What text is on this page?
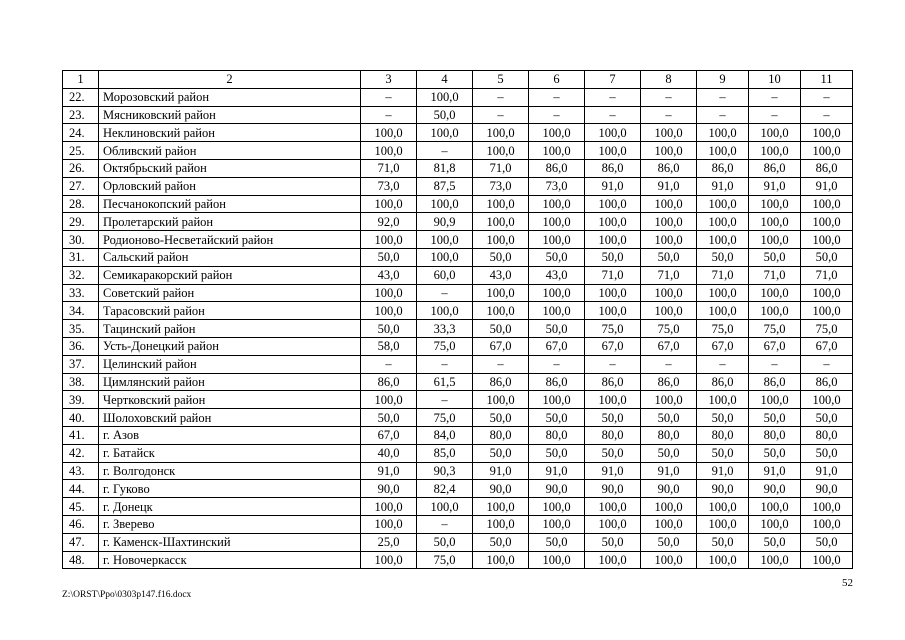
1	2	3	4	5	6	7	8	9	10	11
22.	Морозовский район	–	100,0	–	–	–	–	–	–	–
23.	Мясниковский район	–	50,0	–	–	–	–	–	–	–
24.	Неклиновский район	100,0	100,0	100,0	100,0	100,0	100,0	100,0	100,0	100,0
25.	Обливский район	100,0	–	100,0	100,0	100,0	100,0	100,0	100,0	100,0
26.	Октябрьский район	71,0	81,8	71,0	86,0	86,0	86,0	86,0	86,0	86,0
27.	Орловский район	73,0	87,5	73,0	73,0	91,0	91,0	91,0	91,0	91,0
28.	Песчанокопский район	100,0	100,0	100,0	100,0	100,0	100,0	100,0	100,0	100,0
29.	Пролетарский район	92,0	90,9	100,0	100,0	100,0	100,0	100,0	100,0	100,0
30.	Родионово-Несветайский район	100,0	100,0	100,0	100,0	100,0	100,0	100,0	100,0	100,0
31.	Сальский район	50,0	100,0	50,0	50,0	50,0	50,0	50,0	50,0	50,0
32.	Семикаракорский район	43,0	60,0	43,0	43,0	71,0	71,0	71,0	71,0	71,0
33.	Советский район	100,0	–	100,0	100,0	100,0	100,0	100,0	100,0	100,0
34.	Тарасовский район	100,0	100,0	100,0	100,0	100,0	100,0	100,0	100,0	100,0
35.	Тацинский район	50,0	33,3	50,0	50,0	75,0	75,0	75,0	75,0	75,0
36.	Усть-Донецкий район	58,0	75,0	67,0	67,0	67,0	67,0	67,0	67,0	67,0
37.	Целинский район	–	–	–	–	–	–	–	–	–
38.	Цимлянский район	86,0	61,5	86,0	86,0	86,0	86,0	86,0	86,0	86,0
39.	Чертковский район	100,0	–	100,0	100,0	100,0	100,0	100,0	100,0	100,0
40.	Шолоховский район	50,0	75,0	50,0	50,0	50,0	50,0	50,0	50,0	50,0
41.	г. Азов	67,0	84,0	80,0	80,0	80,0	80,0	80,0	80,0	80,0
42.	г. Батайск	40,0	85,0	50,0	50,0	50,0	50,0	50,0	50,0	50,0
43.	г. Волгодонск	91,0	90,3	91,0	91,0	91,0	91,0	91,0	91,0	91,0
44.	г. Гуково	90,0	82,4	90,0	90,0	90,0	90,0	90,0	90,0	90,0
45.	г. Донецк	100,0	100,0	100,0	100,0	100,0	100,0	100,0	100,0	100,0
46.	г. Зверево	100,0	–	100,0	100,0	100,0	100,0	100,0	100,0	100,0
47.	г. Каменск-Шахтинский	25,0	50,0	50,0	50,0	50,0	50,0	50,0	50,0	50,0
48.	г. Новочеркасск	100,0	75,0	100,0	100,0	100,0	100,0	100,0	100,0	100,0
52
Z:\ORST\Ppo\0303p147.f16.docx
